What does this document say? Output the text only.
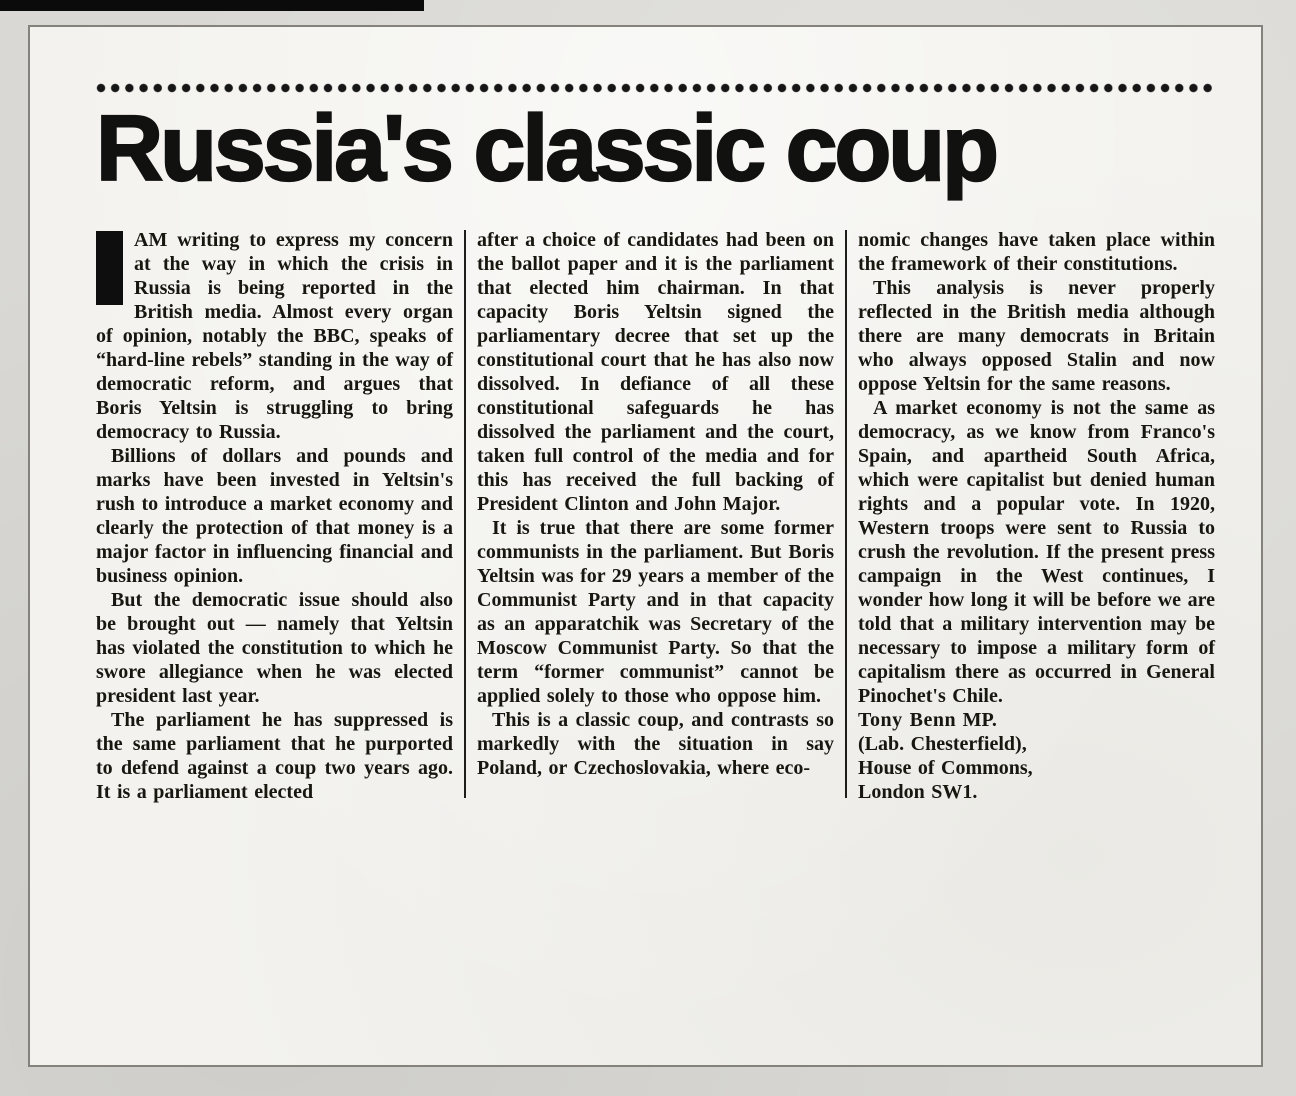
Russia's classic coup

I AM writing to express my concern at the way in which the crisis in Russia is being reported in the British media. Almost every organ of opinion, notably the BBC, speaks of “hard-line rebels” standing in the way of democratic reform, and argues that Boris Yeltsin is struggling to bring democracy to Russia.

Billions of dollars and pounds and marks have been invested in Yeltsin's rush to introduce a market economy and clearly the protection of that money is a major factor in influencing financial and business opinion.

But the democratic issue should also be brought out — namely that Yeltsin has violated the constitution to which he swore allegiance when he was elected president last year.

The parliament he has suppressed is the same parliament that he purported to defend against a coup two years ago. It is a parliament elected

after a choice of candidates had been on the ballot paper and it is the parliament that elected him chairman. In that capacity Boris Yeltsin signed the parliamentary decree that set up the constitutional court that he has also now dissolved. In defiance of all these constitutional safeguards he has dissolved the parliament and the court, taken full control of the media and for this has received the full backing of President Clinton and John Major.

It is true that there are some former communists in the parliament. But Boris Yeltsin was for 29 years a member of the Communist Party and in that capacity as an apparatchik was Secretary of the Moscow Communist Party. So that the term “former communist” cannot be applied solely to those who oppose him.

This is a classic coup, and contrasts so markedly with the situation in say Poland, or Czechoslovakia, where eco-

nomic changes have taken place within the framework of their constitutions.

This analysis is never properly reflected in the British media although there are many democrats in Britain who always opposed Stalin and now oppose Yeltsin for the same reasons.

A market economy is not the same as democracy, as we know from Franco's Spain, and apartheid South Africa, which were capitalist but denied human rights and a popular vote. In 1920, Western troops were sent to Russia to crush the revolution. If the present press campaign in the West continues, I wonder how long it will be before we are told that a military intervention may be necessary to impose a military form of capitalism there as occurred in General Pinochet's Chile.

Tony Benn MP.

(Lab. Chesterfield),

House of Commons,

London SW1.
